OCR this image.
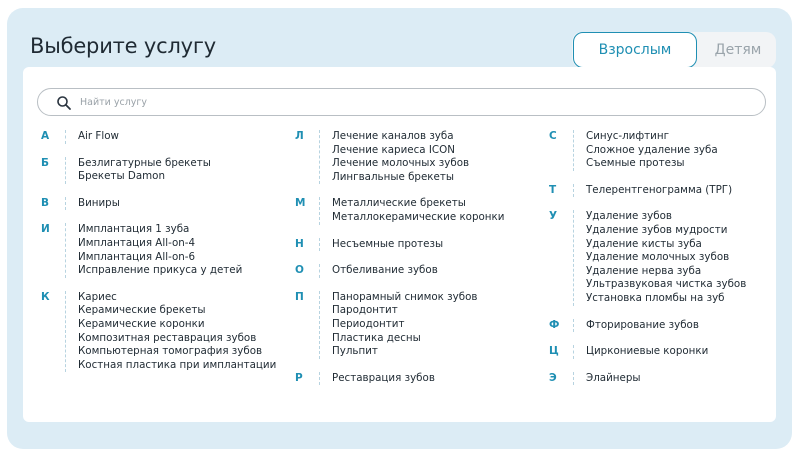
Выберите услугу	Взрослым	Детям
Найти услугу
А	Air Flow
Б	Безлигатурные брекеты
Брекеты Damon
В	Виниры
И	Имплантация 1 зуба
Имплантация All-on-4
Имплантация All-on-6
Исправление прикуса у детей
К	Кариес
Керамические брекеты
Керамические коронки
Композитная реставрация зубов
Компьютерная томография зубов
Костная пластика при имплантации
Л	Лечение каналов зуба
Лечение кариеса ICON
Лечение молочных зубов
Лингвальные брекеты
М	Металлические брекеты
Металлокерамические коронки
Н	Несъемные протезы
О	Отбеливание зубов
П	Панорамный снимок зубов
Пародонтит
Периодонтит
Пластика десны
Пульпит
Р	Реставрация зубов
С	Синус-лифтинг
Сложное удаление зуба
Съемные протезы
Т	Телерентгенограмма (ТРГ)
У	Удаление зубов
Удаление зубов мудрости
Удаление кисты зуба
Удаление молочных зубов
Удаление нерва зуба
Ультразвуковая чистка зубов
Установка пломбы на зуб
Ф	Фторирование зубов
Ц	Циркониевые коронки
Э	Элайнеры
